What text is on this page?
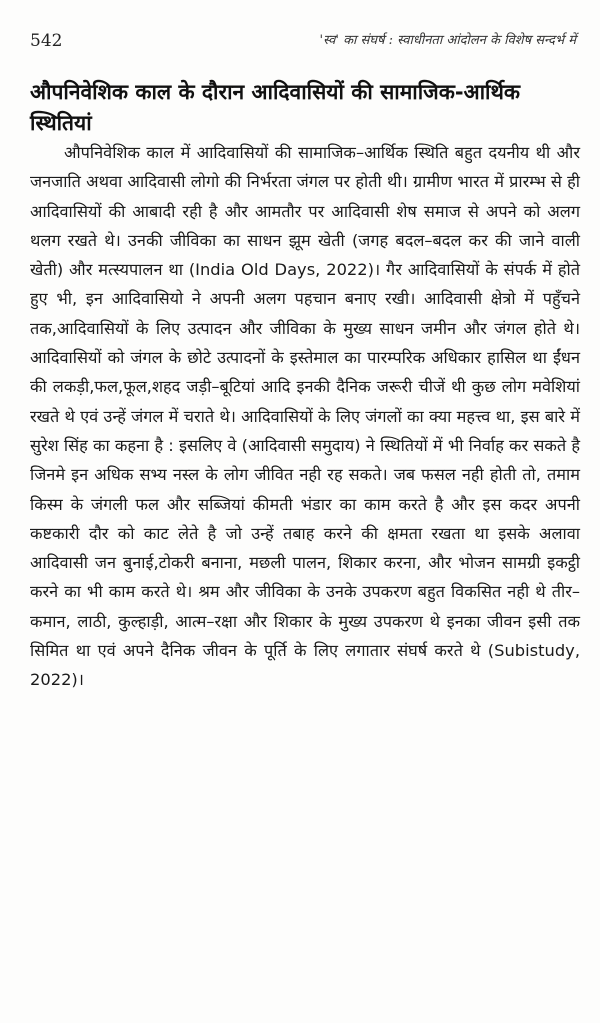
542	'स्व' का संघर्ष : स्वाधीनता आंदोलन के विशेष सन्दर्भ में
औपनिवेशिक काल के दौरान आदिवासियों की सामाजिक-आर्थिक स्थितियां

औपनिवेशिक काल में आदिवासियों की सामाजिक–आर्थिक स्थिति बहुत दयनीय थी और जनजाति अथवा आदिवासी लोगो की निर्भरता जंगल पर होती थी। ग्रामीण भारत में प्रारम्भ से ही आदिवासियों की आबादी रही है और आमतौर पर आदिवासी शेष समाज से अपने को अलग थलग रखते थे। उनकी जीविका का साधन झूम खेती (जगह बदल–बदल कर की जाने वाली खेती) और मत्स्यपालन था (India Old Days, 2022)। गैर आदिवासियों के संपर्क में होते हुए भी, इन आदिवासियो ने अपनी अलग पहचान बनाए रखी। आदिवासी क्षेत्रो में पहुँचने तक,आदिवासियों के लिए उत्पादन और जीविका के मुख्य साधन जमीन और जंगल होते थे। आदिवासियों को जंगल के छोटे उत्पादनों के इस्तेमाल का पारम्परिक अधिकार हासिल था ईंधन की लकड़ी,फल,फूल,शहद जड़ी–बूटियां आदि इनकी दैनिक जरूरी चीजें थी कुछ लोग मवेशियां रखते थे एवं उन्हें जंगल में चराते थे। आदिवासियों के लिए जंगलों का क्या महत्त्व था, इस बारे में सुरेश सिंह का कहना है : इसलिए वे (आदिवासी समुदाय) ने स्थितियों में भी निर्वाह कर सकते है जिनमे इन अधिक सभ्य नस्ल के लोग जीवित नही रह सकते। जब फसल नही होती तो, तमाम किस्म के जंगली फल और सब्जियां कीमती भंडार का काम करते है और इस कदर अपनी कष्टकारी दौर को काट लेते है जो उन्हें तबाह करने की क्षमता रखता था इसके अलावा आदिवासी जन बुनाई,टोकरी बनाना, मछली पालन, शिकार करना, और भोजन सामग्री इकट्ठी करने का भी काम करते थे। श्रम और जीविका के उनके उपकरण बहुत विकसित नही थे तीर–कमान, लाठी, कुल्हाड़ी, आत्म–रक्षा और शिकार के मुख्य उपकरण थे इनका जीवन इसी तक सिमित था एवं अपने दैनिक जीवन के पूर्ति के लिए लगातार संघर्ष करते थे (Subistudy, 2022)।
